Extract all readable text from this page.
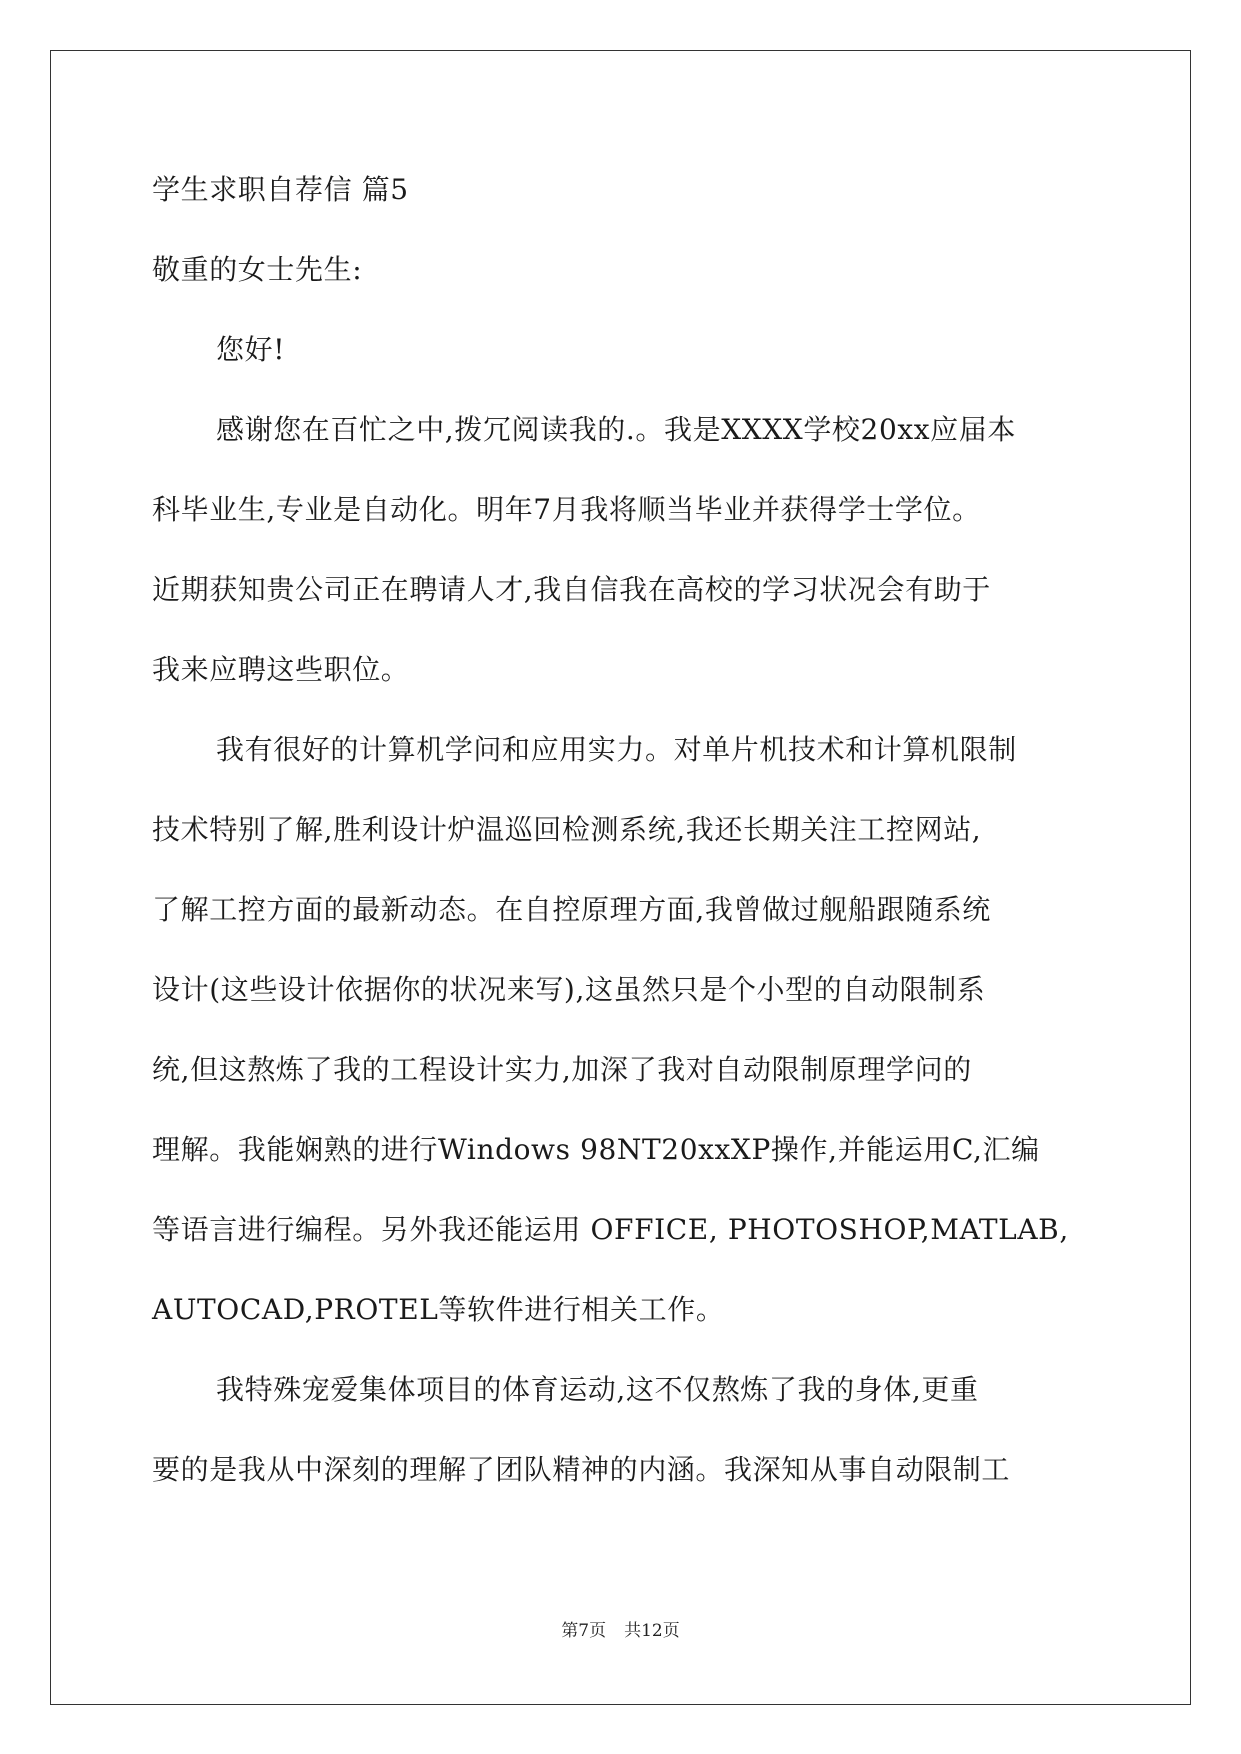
学生求职自荐信 篇5

敬重的女士先生:

您好!

感谢您在百忙之中,拨冗阅读我的.。我是XXXX学校20xx应届本

科毕业生,专业是自动化。明年7月我将顺当毕业并获得学士学位。

近期获知贵公司正在聘请人才,我自信我在高校的学习状况会有助于

我来应聘这些职位。

我有很好的计算机学问和应用实力。对单片机技术和计算机限制

技术特别了解,胜利设计炉温巡回检测系统,我还长期关注工控网站,

了解工控方面的最新动态。在自控原理方面,我曾做过舰船跟随系统

设计(这些设计依据你的状况来写),这虽然只是个小型的自动限制系

统,但这熬炼了我的工程设计实力,加深了我对自动限制原理学问的

理解。我能娴熟的进行Windows 98NT20xxXP操作,并能运用C,汇编

等语言进行编程。另外我还能运用 OFFICE, PHOTOSHOP,MATLAB,

AUTOCAD,PROTEL等软件进行相关工作。

我特殊宠爱集体项目的体育运动,这不仅熬炼了我的身体,更重

要的是我从中深刻的理解了团队精神的内涵。我深知从事自动限制工

第7页 共12页
